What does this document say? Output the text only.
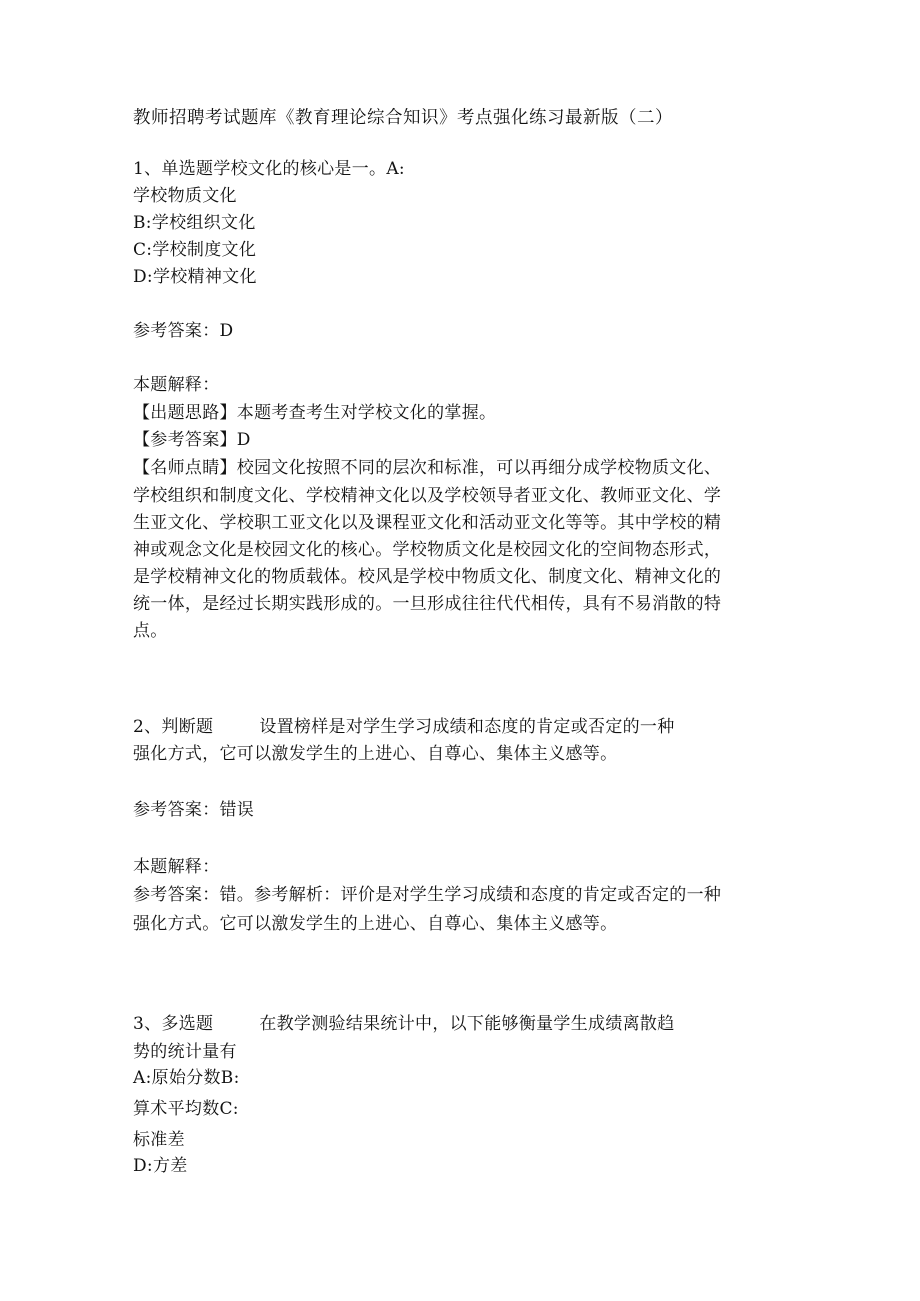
教师招聘考试题库《教育理论综合知识》考点强化练习最新版（二）
1、单选题学校文化的核心是一。A:
学校物质文化
B:学校组织文化
C:学校制度文化
D:学校精神文化
参考答案：D
本题解释：
【出题思路】本题考查考生对学校文化的掌握。
【参考答案】D
【名师点睛】校园文化按照不同的层次和标准，可以再细分成学校物质文化、
学校组织和制度文化、学校精神文化以及学校领导者亚文化、教师亚文化、学
生亚文化、学校职工亚文化以及课程亚文化和活动亚文化等等。其中学校的精
神或观念文化是校园文化的核心。学校物质文化是校园文化的空间物态形式，
是学校精神文化的物质载体。校风是学校中物质文化、制度文化、精神文化的
统一体，是经过长期实践形成的。一旦形成往往代代相传，具有不易消散的特
点。
2、判断题	设置榜样是对学生学习成绩和态度的肯定或否定的一种
强化方式，它可以激发学生的上进心、自尊心、集体主义感等。
参考答案：错误
本题解释：
参考答案：错。参考解析：评价是对学生学习成绩和态度的肯定或否定的一种
强化方式。它可以激发学生的上进心、自尊心、集体主义感等。
3、多选题	在教学测验结果统计中，以下能够衡量学生成绩离散趋
势的统计量有
A:原始分数B:
算术平均数C:
标准差
D:方差
